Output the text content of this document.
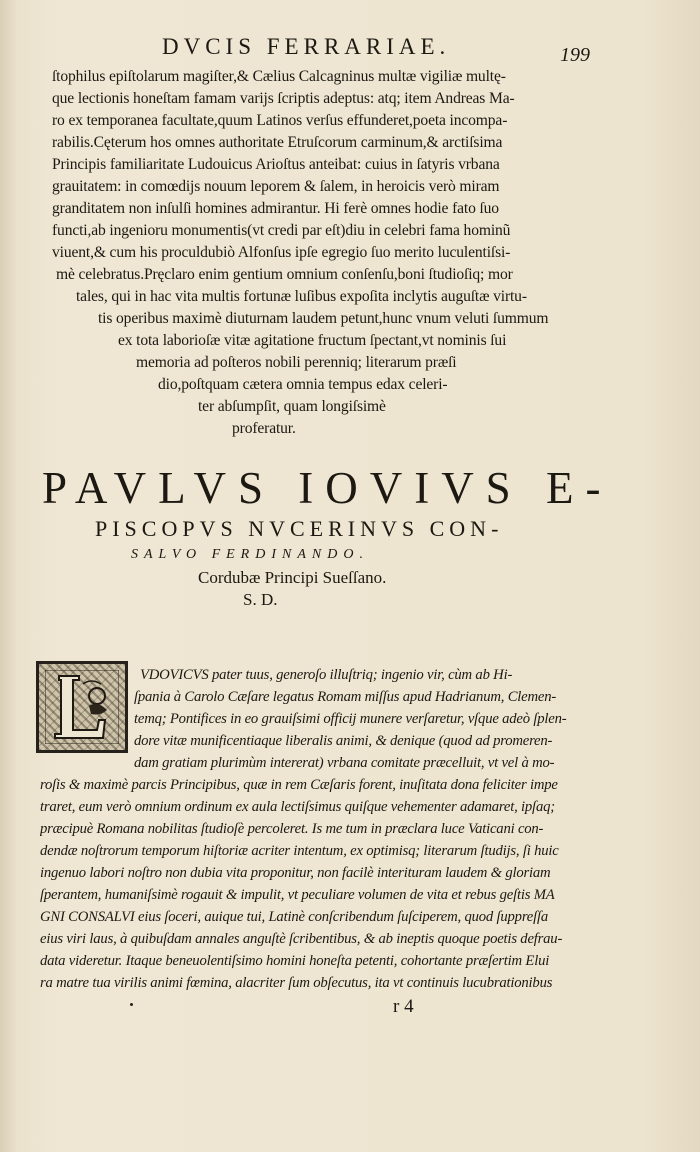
DVCIS FERRARIAE.	199
ſtophilus epiſtolarum magiſter,& Cælius Calcagninus multæ vigiliæ multę-
que lectionis honeſtam famam varijs ſcriptis adeptus: atq; item Andreas Ma-
ro ex temporanea facultate,quum Latinos verſus effunderet,poeta incompa-
rabilis.Cęterum hos omnes authoritate Etruſcorum carminum,& arctiſsima
Principis familiaritate Ludouicus Arioſtus anteibat: cuius in ſatyris vrbana
grauitatem: in comœdijs nouum leporem & ſalem, in heroicis verò miram
granditatem non inſulſi homines admirantur. Hi ferè omnes hodie fato ſuo
functi,ab ingenioru monumentis(vt credi par eſt)diu in celebri fama hominũ
viuent,& cum his proculdubiò Alfonſus ipſe egregio ſuo merito luculentiſsi-
mè celebratus.Pręclaro enim gentium omnium conſenſu,boni ſtudioſiq; mor
tales, qui in hac vita multis fortunæ luſibus expoſita inclytis auguſtæ virtu-
tis operibus maximè diuturnam laudem petunt,hunc vnum veluti ſummum
ex tota laborioſæ vitæ agitatione fructum ſpectant,vt nominis ſui
memoria ad poſteros nobili perenniq; literarum præſi
dio,poſtquam cætera omnia tempus edax celeri-
ter abſumpſit, quam longiſsimè
proferatur.
PAVLVS IOVIVS E-
PISCOPVS NVCERINVS CON-
SALVO FERDINANDO.
Cordubæ Principi Sueſſano.
S. D.
VDOVICVS pater tuus, generoſo illuſtriq; ingenio vir, cùm ab Hi-
ſpania à Carolo Cæſare legatus Romam miſſus apud Hadrianum, Clemen-
temq; Pontifices in eo grauiſsimi officij munere verſaretur, vſque adeò ſplen-
dore vitæ munificentiaque liberalis animi, & denique (quod ad promeren-
dam gratiam plurimùm intererat) vrbana comitate præcelluit, vt vel à mo-
roſis & maximè parcis Principibus, quæ in rem Cæſaris forent, inuſitata dona feliciter impe
traret, eum verò omnium ordinum ex aula lectiſsimus quiſque vehementer adamaret, ipſaq;
præcipuè Romana nobilitas ſtudioſè percoleret. Is me tum in præclara luce Vaticani con-
dendæ noſtrorum temporum hiſtoriæ acriter intentum, ex optimisq; literarum ſtudijs, ſi huic
ingenuo labori noſtro non dubia vita proponitur, non facilè interituram laudem & gloriam
ſperantem, humaniſsimè rogauit & impulit, vt peculiare volumen de vita et rebus geſtis MA
GNI CONSALVI eius ſoceri, auique tui, Latinè conſcribendum ſuſciperem, quod ſuppreſſa
eius viri laus, à quibuſdam annales anguſtè ſcribentibus, & ab ineptis quoque poetis defrau-
data videretur. Itaque beneuolentiſsimo homini honeſta petenti, cohortante præſertim Elui
ra matre tua virilis animi fœmina, alacriter ſum obſecutus, ita vt continuis lucubrationibus
r 4
